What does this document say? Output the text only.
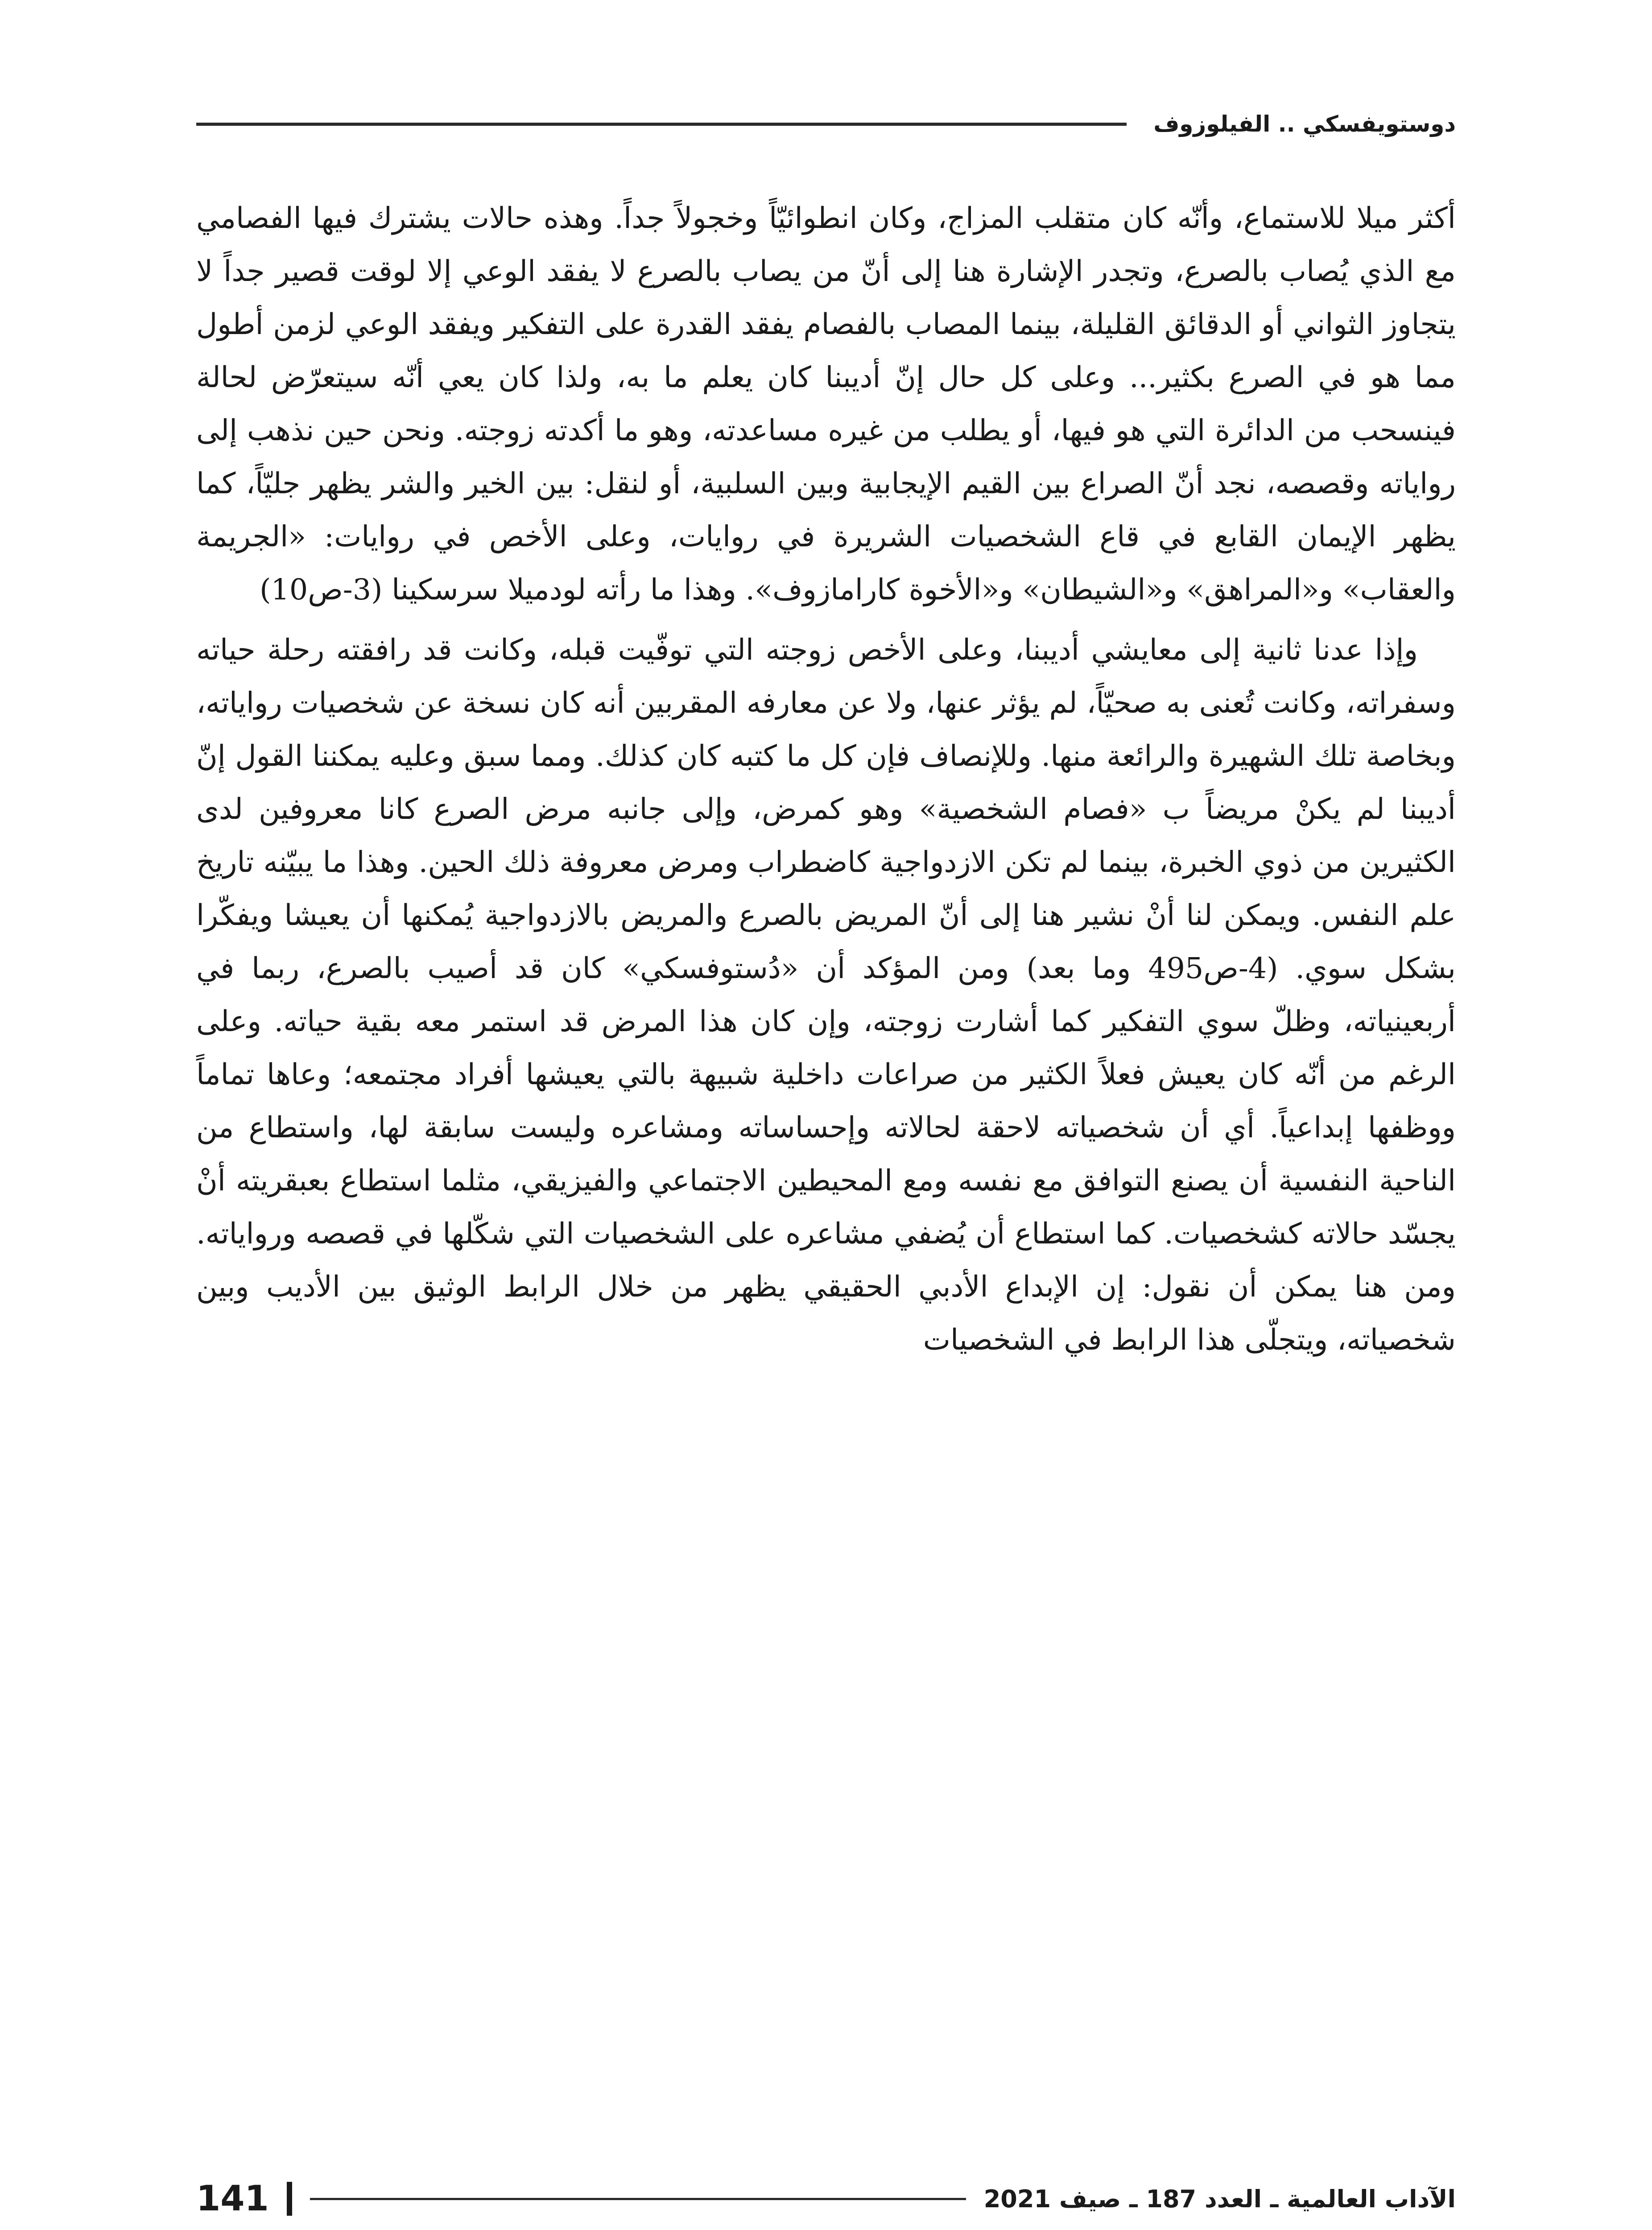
دوستويفسكي .. الفيلوزوف

أكثر ميلا للاستماع، وأنّه كان متقلب المزاج، وكان انطوائيّاً وخجولاً جداً. وهذه حالات يشترك فيها الفصامي مع الذي يُصاب بالصرع، وتجدر الإشارة هنا إلى أنّ من يصاب بالصرع لا يفقد الوعي إلا لوقت قصير جداً لا يتجاوز الثواني أو الدقائق القليلة، بينما المصاب بالفصام يفقد القدرة على التفكير ويفقد الوعي لزمن أطول مما هو في الصرع بكثير... وعلى كل حال إنّ أديبنا كان يعلم ما به، ولذا كان يعي أنّه سيتعرّض لحالة فينسحب من الدائرة التي هو فيها، أو يطلب من غيره مساعدته، وهو ما أكدته زوجته. ونحن حين نذهب إلى رواياته وقصصه، نجد أنّ الصراع بين القيم الإيجابية وبين السلبية، أو لنقل: بين الخير والشر يظهر جليّاً، كما يظهر الإيمان القابع في قاع الشخصيات الشريرة في روايات، وعلى الأخص في روايات: «الجريمة والعقاب» و«المراهق» و«الشيطان» و«الأخوة كارامازوف». وهذا ما رأته لودميلا سرسكينا (3-ص10)

وإذا عدنا ثانية إلى معايشي أديبنا، وعلى الأخص زوجته التي توفّيت قبله، وكانت قد رافقته رحلة حياته وسفراته، وكانت تُعنى به صحيّاً، لم يؤثر عنها، ولا عن معارفه المقربين أنه كان نسخة عن شخصيات رواياته، وبخاصة تلك الشهيرة والرائعة منها. وللإنصاف فإن كل ما كتبه كان كذلك. ومما سبق وعليه يمكننا القول إنّ أديبنا لم يكنْ مريضاً ب «فصام الشخصية» وهو كمرض، وإلى جانبه مرض الصرع كانا معروفين لدى الكثيرين من ذوي الخبرة، بينما لم تكن الازدواجية كاضطراب ومرض معروفة ذلك الحين. وهذا ما يبيّنه تاريخ علم النفس. ويمكن لنا أنْ نشير هنا إلى أنّ المريض بالصرع والمريض بالازدواجية يُمكنها أن يعيشا ويفكّرا بشكل سوي. (4-ص495 وما بعد) ومن المؤكد أن «دُستوفسكي» كان قد أصيب بالصرع، ربما في أربعينياته، وظلّ سوي التفكير كما أشارت زوجته، وإن كان هذا المرض قد استمر معه بقية حياته. وعلى الرغم من أنّه كان يعيش فعلاً الكثير من صراعات داخلية شبيهة بالتي يعيشها أفراد مجتمعه؛ وعاها تماماً ووظفها إبداعياً. أي أن شخصياته لاحقة لحالاته وإحساساته ومشاعره وليست سابقة لها، واستطاع من الناحية النفسية أن يصنع التوافق مع نفسه ومع المحيطين الاجتماعي والفيزيقي، مثلما استطاع بعبقريته أنْ يجسّد حالاته كشخصيات. كما استطاع أن يُضفي مشاعره على الشخصيات التي شكّلها في قصصه ورواياته. ومن هنا يمكن أن نقول: إن الإبداع الأدبي الحقيقي يظهر من خلال الرابط الوثيق بين الأديب وبين شخصياته، ويتجلّى هذا الرابط في الشخصيات

الآداب العالمية ـ العدد 187 ـ صيف 2021
141
